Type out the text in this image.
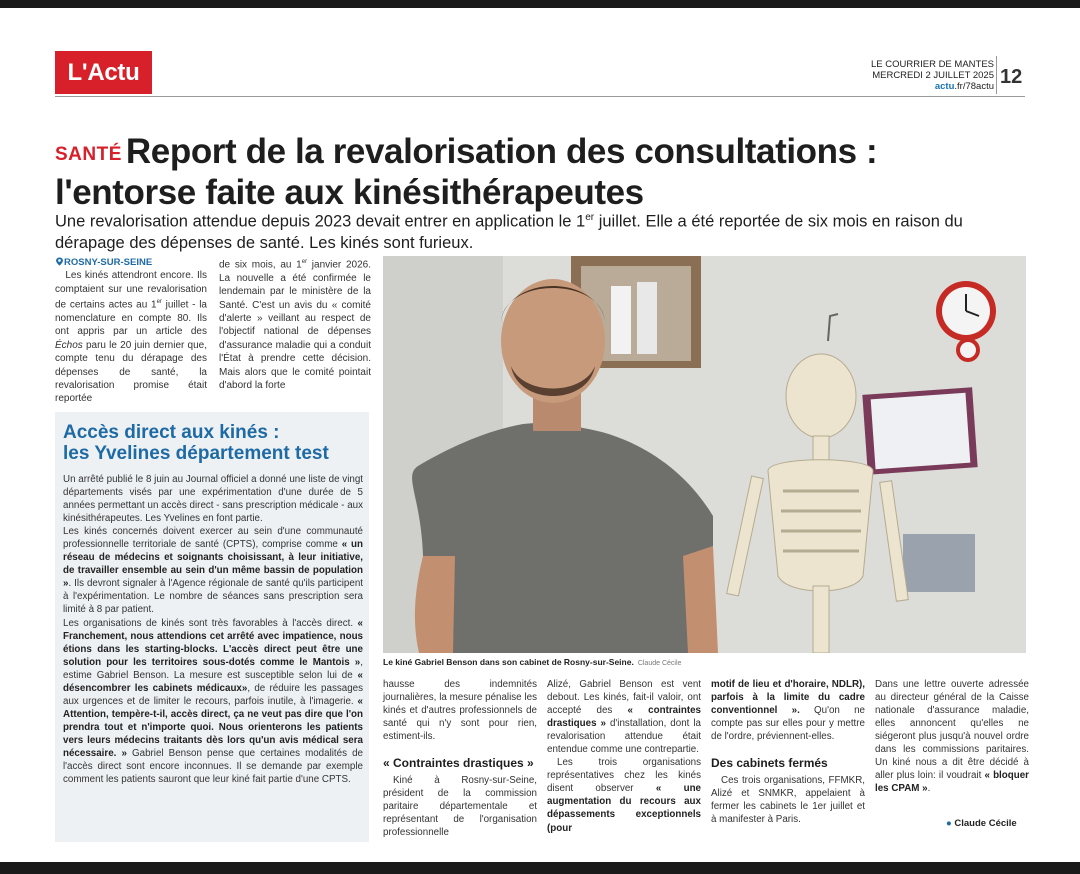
L'Actu	LE COURRIER DE MANTES
MERCREDI 2 JUILLET 2025
actu.fr/78actu 12
SANTÉ Report de la revalorisation des consultations :
l'entorse faite aux kinésithérapeutes
Une revalorisation attendue depuis 2023 devait entrer en application le 1er juillet. Elle a été reportée de six mois en raison du dérapage des dépenses de santé. Les kinés sont furieux.
ROSNY-SUR-SEINE
Les kinés attendront encore. Ils comptaient sur une revalorisation de certains actes au 1er juillet - la nomenclature en compte 80. Ils ont appris par un article des Échos paru le 20 juin dernier que, compte tenu du dérapage des dépenses de santé, la revalorisation promise était reportée
de six mois, au 1er janvier 2026. La nouvelle a été confirmée le lendemain par le ministère de la Santé. C'est un avis du « comité d'alerte » veillant au respect de l'objectif national de dépenses d'assurance maladie qui a conduit l'État à prendre cette décision. Mais alors que le comité pointait d'abord la forte
Accès direct aux kinés :
les Yvelines département test
Un arrêté publié le 8 juin au Journal officiel a donné une liste de vingt départements visés par une expérimentation d'une durée de 5 années permettant un accès direct - sans prescription médicale - aux kinésithérapeutes. Les Yvelines en font partie.
Les kinés concernés doivent exercer au sein d'une communauté professionnelle territoriale de santé (CPTS), comprise comme « un réseau de médecins et soignants choisissant, à leur initiative, de travailler ensemble au sein d'un même bassin de population ». Ils devront signaler à l'Agence régionale de santé qu'ils participent à l'expérimentation. Le nombre de séances sans prescription sera limité à 8 par patient.
Les organisations de kinés sont très favorables à l'accès direct. « Franchement, nous attendions cet arrêté avec impatience, nous étions dans les starting-blocks. L'accès direct peut être une solution pour les territoires sous-dotés comme le Mantois », estime Gabriel Benson. La mesure est susceptible selon lui de « désencombrer les cabinets médicaux», de réduire les passages aux urgences et de limiter le recours, parfois inutile, à l'imagerie. « Attention, tempère-t-il, accès direct, ça ne veut pas dire que l'on prendra tout et n'importe quoi. Nous orienterons les patients vers leurs médecins traitants dès lors qu'un avis médical sera nécessaire. » Gabriel Benson pense que certaines modalités de l'accès direct sont encore inconnues. Il se demande par exemple comment les patients sauront que leur kiné fait partie d'une CPTS.
Le kiné Gabriel Benson dans son cabinet de Rosny-sur-Seine. Claude Cécile
hausse des indemnités journalières, la mesure pénalise les kinés et d'autres professionnels de santé qui n'y sont pour rien, estiment-ils.
« Contraintes drastiques »
Kiné à Rosny-sur-Seine, président de la commission paritaire départementale et représentant de l'organisation professionnelle
Alizé, Gabriel Benson est vent debout. Les kinés, fait-il valoir, ont accepté des « contraintes drastiques » d'installation, dont la revalorisation attendue était entendue comme une contrepartie.
Les trois organisations représentatives chez les kinés disent observer « une augmentation du recours aux dépassements exceptionnels (pour
motif de lieu et d'horaire, NDLR), parfois à la limite du cadre conventionnel ». Qu'on ne compte pas sur elles pour y mettre de l'ordre, préviennent-elles.
Des cabinets fermés
Ces trois organisations, FFMKR, Alizé et SNMKR, appelaient à fermer les cabinets le 1er juillet et à manifester à Paris.
Dans une lettre ouverte adressée au directeur général de la Caisse nationale d'assurance maladie, elles annoncent qu'elles ne siégeront plus jusqu'à nouvel ordre dans les commissions paritaires. Un kiné nous a dit être décidé à aller plus loin: il voudrait « bloquer les CPAM ».
● Claude Cécile
